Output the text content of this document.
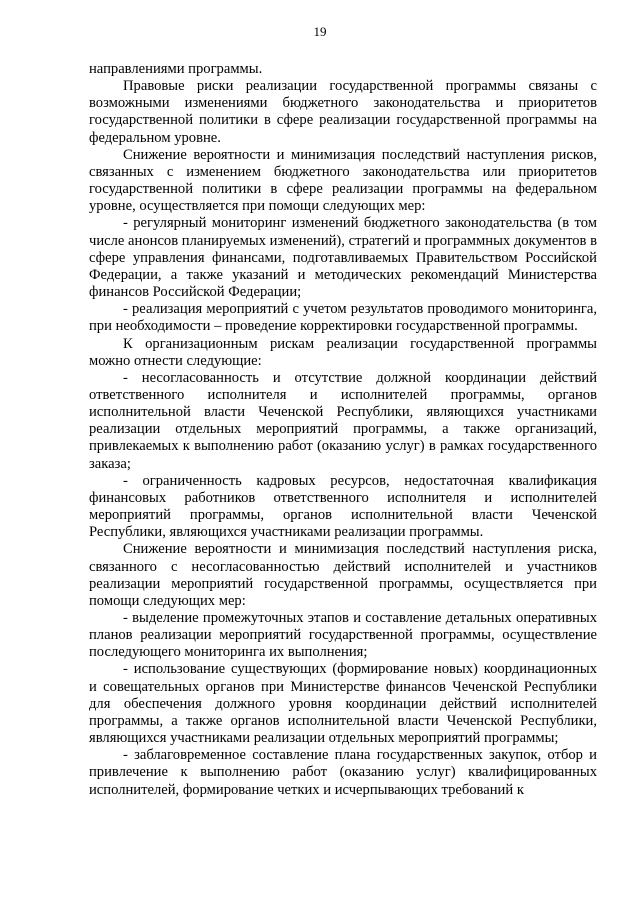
19

направлениями программы.

Правовые риски реализации государственной программы связаны с возможными изменениями бюджетного законодательства и приоритетов государственной политики в сфере реализации государственной программы на федеральном уровне.

Снижение вероятности и минимизация последствий наступления рисков, связанных с изменением бюджетного законодательства или приоритетов государственной политики в сфере реализации программы на федеральном уровне, осуществляется при помощи следующих мер:

- регулярный мониторинг изменений бюджетного законодательства (в том числе анонсов планируемых изменений), стратегий и программных документов в сфере управления финансами, подготавливаемых Правительством Российской Федерации, а также указаний и методических рекомендаций Министерства финансов Российской Федерации;

- реализация мероприятий с учетом результатов проводимого мониторинга, при необходимости – проведение корректировки государственной программы.

К организационным рискам реализации государственной программы можно отнести следующие:

- несогласованность и отсутствие должной координации действий ответственного исполнителя и исполнителей программы, органов исполнительной власти Чеченской Республики, являющихся участниками реализации отдельных мероприятий программы, а также организаций, привлекаемых к выполнению работ (оказанию услуг) в рамках государственного заказа;

- ограниченность кадровых ресурсов, недостаточная квалификация финансовых работников ответственного исполнителя и исполнителей мероприятий программы, органов исполнительной власти Чеченской Республики, являющихся участниками реализации программы.

Снижение вероятности и минимизация последствий наступления риска, связанного с несогласованностью действий исполнителей и участников реализации мероприятий государственной программы, осуществляется при помощи следующих мер:

- выделение промежуточных этапов и составление детальных оперативных планов реализации мероприятий государственной программы, осуществление последующего мониторинга их выполнения;

- использование существующих (формирование новых) координационных и совещательных органов при Министерстве финансов Чеченской Республики для обеспечения должного уровня координации действий исполнителей программы, а также органов исполнительной власти Чеченской Республики, являющихся участниками реализации отдельных мероприятий программы;

- заблаговременное составление плана государственных закупок, отбор и привлечение к выполнению работ (оказанию услуг) квалифицированных исполнителей, формирование четких и исчерпывающих требований к
